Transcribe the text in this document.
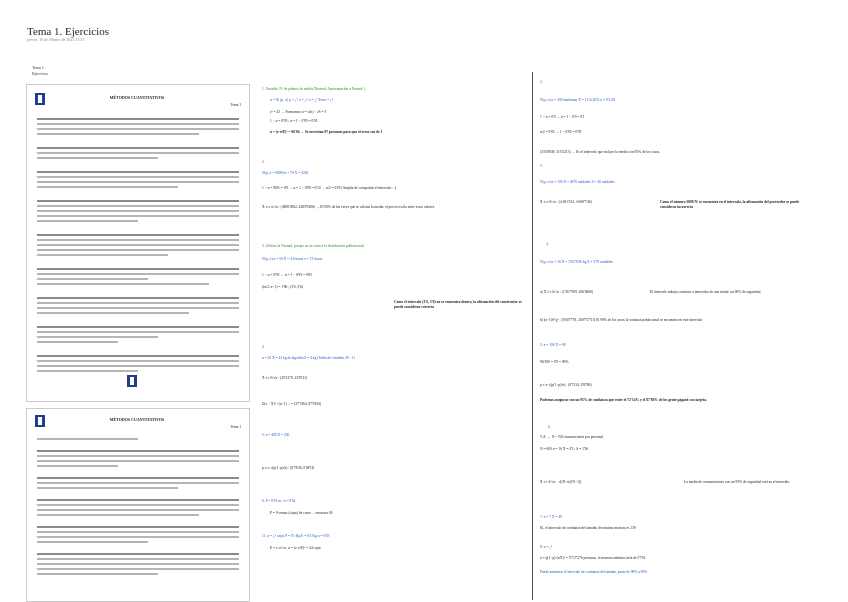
Tema 1. Ejercicios
jueves, 16 de febrero de 2023 13:53
Tema 1
Ejercicios
MÉTODOS CUANTITATIVOS
Tema 1
MÉTODOS CUANTITATIVOS
Tema 1
1. Variable: Nº de palmos de niebla (Normal: Aproximación a Normal )
n = 30 (μ, σ) μ = ¿? σ = ¿? σ = ¿? Error = ¿?
z² = 25 → Formamos n = √(n) · √S = 5
1 − α = 0'95 ; α = 1 − 0'95 = 0'05
n = (z·σ/E)² = 96'04 → Se necesitan 97 personas para que el error sea de 1
2.
N(μ, σ = 9000) n = 70 X̄ = 5230
1 − α = 90% = 0'9 → α = 1 − 0'90 = 0'10 → α/2 = 0'05 (Amplia de comprobar el intervalo ...)
X̄ ± z·σ/√n : (4890'4962, 4285'9406) → El 90% de las veces que se calcula la media, el precio oscila entre estos valores
3. (Utilizo la Normal, porque no se conoce la distribución poblacional)
N(μ, σ) n = 50 X̄ = 4.6 horas s = 1'1 horas
1 − α = 0'95 → α = 1 − 0'95 = 0'05
t(α/2, n−1) = 1'96 ; (3'6, 5'6)
Como el intervalo (3'6, 5'6) no se encuentra dentro, la afirmación del constructor se puede considerar correcta
4.
n = 25 X̄ = 22 kg de algodón S = 4 kg (Tabla de t-student 29 - 1)
X̄ ± t·S/√n : (20'1279, 23'8721)
Σ(x − X̄)² / (n−1) ... = (37'7464, 87'5934)
5. n = 400 X̄ = 250
p ± z·√(p(1−p)/n) : (0'78'26, 0'6874)
6. P = 0'01 m ; n = 0'62
P = 9 ventas (cajas) de cinco ... encuesta 49
11. n = ¿? cajas P = 0'1 Kg E = 0'3 Kg α = 0'05
E = z·σ/√n ; n = (z·σ/E)² = 24 cajas
2.
N(μ, σ) n = 200 tumbonas X̄ = 11'4 (201) σ = 9'2101
1 − α = 0'9 → α = 1 − 0'9 = 0'1
α/2 = 0'05 → 1 − 0'05 = 0'95
(333'8039, 315'3213) → Es el intervalo que incluye la media con 95% de los casos.
3.
N(μ, σ) n = 100 X̄ = 4670 unidades S = 40 unidades
X̄ ± z·S/√n : (4 691'254, 4 668'7'46)	Como el número 5000 N/ se encuentra en el intervalo, la afirmación del proveedor se puede considerar incorrecta
4.
N(μ, σ) n = 16 X̄ = 1'56'7056 kg S = 3'79 unidades
a) X̄ ± t·S/√n : (1'56'7509, 206'0600)	El intervalo trabaja construir a intervalos de una mitad: un 90% de seguridad
b) (n−1)S²/χ² : (0'6077'91, 2007'57'31) El 90% de los casos la varianza poblacional se encuentra en este intervalo
5. n = 100 X̄ = 90
90/100 = 0'9 = 90%
p ± z·√(p(1−p)/n) : (0'7214, 0'8786)
Podemos asegurar con un 95% de confianza que entre el 72'14% y el 87'86% de los gente pagará con tarjeta.
6.
V.A. → N ~ N(Consumiciones por persona)
N = 600 n = 16 X̄ = 4'3 ; S = 1'36
X̄ ± t·S/√n · √((N−n)/(N−1))	La media de consumiciones con un 95% de seguridad está en el intervalo.
7. n = 7 X̄ = 49
El, el intervalo de confianza del tamaño de mínima muestra es 139
8. n = ¿?
n = p(1−p)·(z/E)² = 5'717'276 personas, la muestra mínima sería de 5'716
Puede aumentar el intervalo de confianza del tamaño, pasar de 90% a 99%
